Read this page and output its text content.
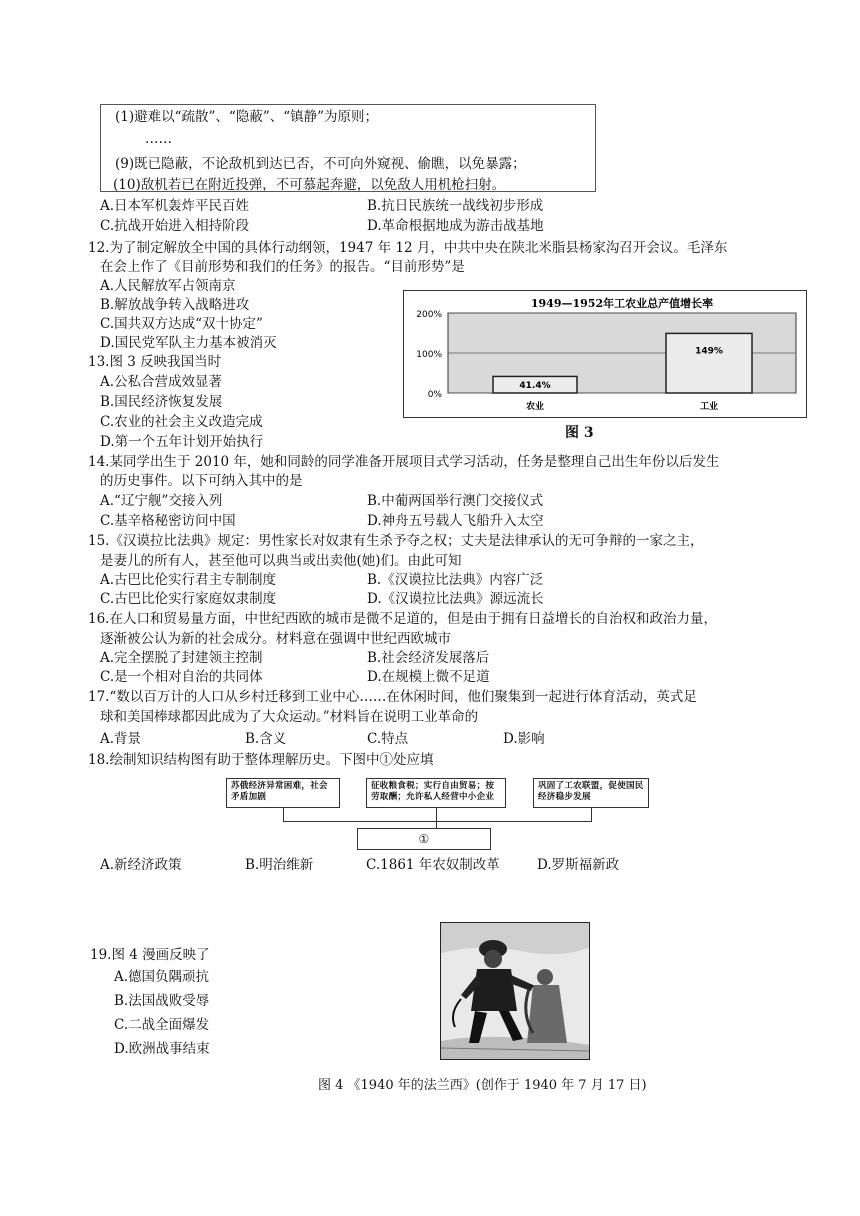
(1)避难以“疏散”、“隐蔽”、“镇静”为原则；
……
(9)既已隐蔽，不论敌机到达已否，不可向外窥视、偷瞧，以免暴露；
(10)敌机若已在附近投弹，不可慕起奔避，以免敌人用机枪扫射。
A.日本军机轰炸平民百姓	B.抗日民族统一战线初步形成
C.抗战开始进入相持阶段	D.革命根据地成为游击战基地
12.为了制定解放全中国的具体行动纲领，1947 年 12 月，中共中央在陕北米脂县杨家沟召开会议。毛泽东
在会上作了《目前形势和我们的任务》的报告。“目前形势”是
A.人民解放军占领南京
B.解放战争转入战略进攻
C.国共双方达成“双十协定”
D.国民党军队主力基本被消灭
13.图 3 反映我国当时
A.公私合营成效显著
B.国民经济恢复发展
C.农业的社会主义改造完成
D.第一个五年计划开始执行
1949—1952年工农业总产值增长率
200%
100%
0%
41.4%
农业
149%
工业
图 3
14.某同学出生于 2010 年，她和同龄的同学准备开展项目式学习活动，任务是整理自己出生年份以后发生
的历史事件。以下可纳入其中的是
A.“辽宁舰”交接入列	B.中葡两国举行澳门交接仪式
C.基辛格秘密访问中国	D.神舟五号载人飞船升入太空
15.《汉谟拉比法典》规定：男性家长对奴隶有生杀予夺之权；丈夫是法律承认的无可争辩的一家之主，
是妻儿的所有人，甚至他可以典当或出卖他(她)们。由此可知
A.古巴比伦实行君主专制制度	B.《汉谟拉比法典》内容广泛
C.古巴比伦实行家庭奴隶制度	D.《汉谟拉比法典》源远流长
16.在人口和贸易量方面，中世纪西欧的城市是微不足道的，但是由于拥有日益增长的自治权和政治力量，
逐渐被公认为新的社会成分。材料意在强调中世纪西欧城市
A.完全摆脱了封建领主控制	B.社会经济发展落后
C.是一个相对自治的共同体	D.在规模上微不足道
17.“数以百万计的人口从乡村迁移到工业中心……在休闲时间，他们聚集到一起进行体育活动，英式足
球和美国棒球都因此成为了大众运动。”材料旨在说明工业革命的
A.背景	B.含义	C.特点	D.影响
18.绘制知识结构图有助于整体理解历史。下图中①处应填
苏俄经济异常困难，社会矛盾加剧
征收粮食税；实行自由贸易；按劳取酬；允许私人经营中小企业
巩固了工农联盟，促使国民经济稳步发展
①
A.新经济政策	B.明治维新	C.1861 年农奴制改革	D.罗斯福新政
19.图 4 漫画反映了
A.德国负隅顽抗
B.法国战败受辱
C.二战全面爆发
D.欧洲战事结束
图 4 《1940 年的法兰西》(创作于 1940 年 7 月 17 日)
